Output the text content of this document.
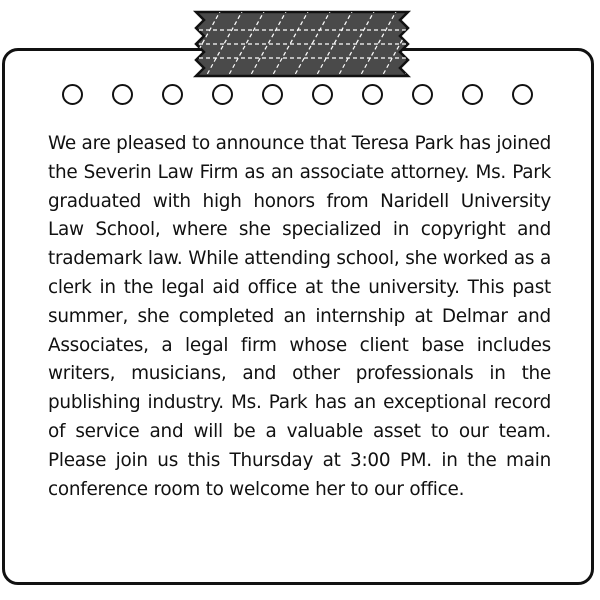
We are pleased to announce that Teresa Park has joined the Severin Law Firm as an associate attorney. Ms. Park graduated with high honors from Naridell University Law School, where she specialized in copyright and trademark law. While attending school, she worked as a clerk in the legal aid office at the university. This past summer, she completed an internship at Delmar and Associates, a legal firm whose client base includes writers, musicians, and other professionals in the publishing industry. Ms. Park has an exceptional record of service and will be a valuable asset to our team. Please join us this Thursday at 3:00 PM. in the main conference room to welcome her to our office.
